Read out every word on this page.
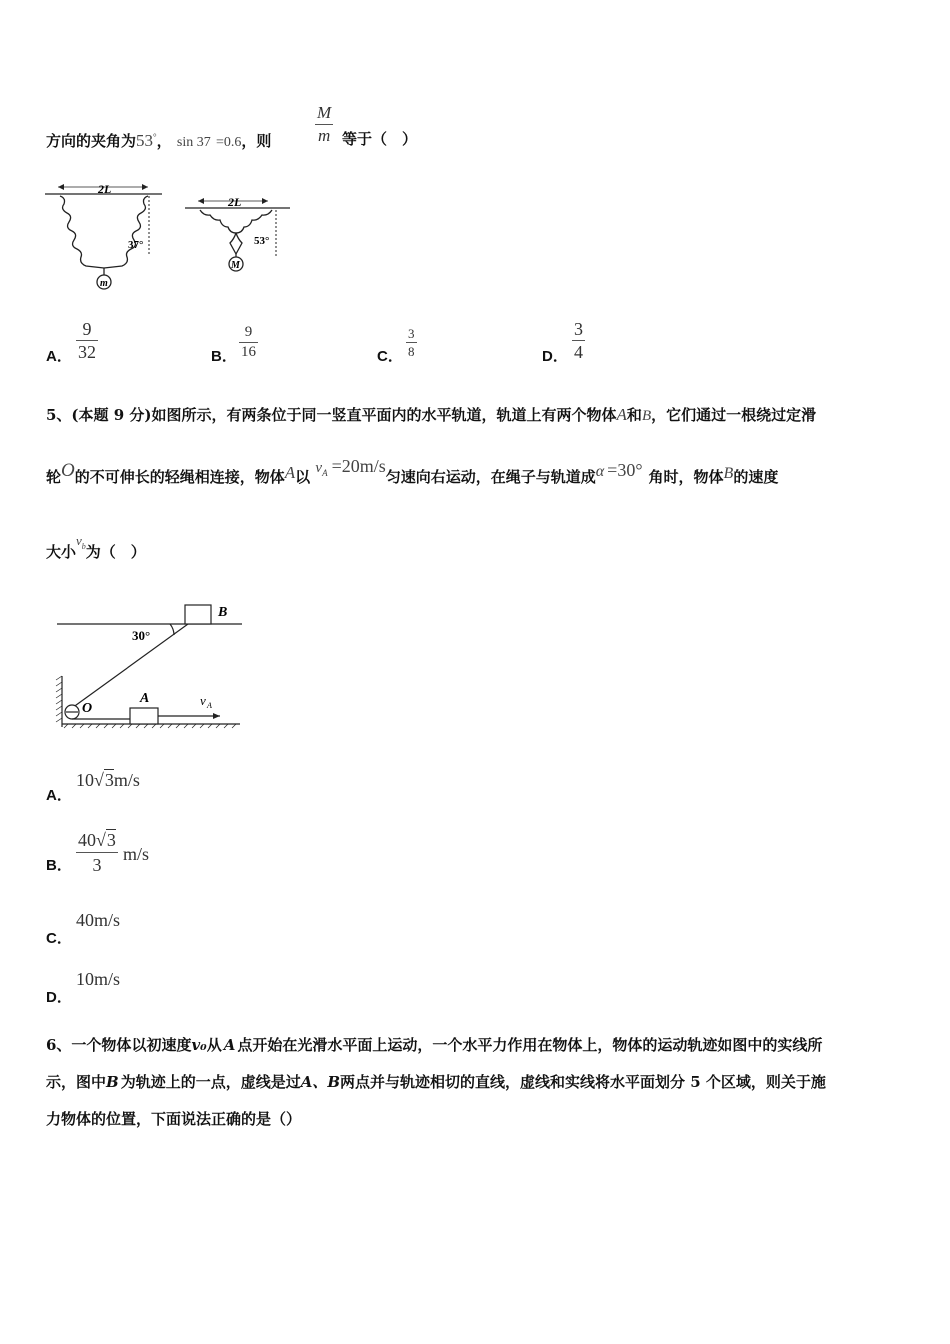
方向的夹角为53°， sin 37 =0.6，则	$\frac{M}{m}$ 等于（　）
2L
37°
m
2L
53°
M
A． $\frac{9}{32}$	B． $\frac{9}{16}$	C． $\frac{3}{8}$	D． $\frac{3}{4}$
5、(本题 9 分)如图所示，有两条位于同一竖直平面内的水平轨道，轨道上有两个物体A和B，它们通过一根绕过定滑
轮O的不可伸长的轻绳相连接，物体A以 $v_A =20m/s$匀速向右运动，在绳子与轨道成α =30° 角时，物体B的速度
大小$v_b$为（　）
30°
B
A
O
v A
A．
10√3m/s
B． $\frac{40√3}{3} m/s$
C．
40m/s
D．
10m/s
6、一个物体以初速度v₀从 A 点开始在光滑水平面上运动，一个水平力作用在物体上，物体的运动轨迹如图中的实线所
示，图中B 为轨迹上的一点，虚线是过A、B两点并与轨迹相切的直线，虚线和实线将水平面划分 5 个区域，则关于施
力物体的位置，下面说法正确的是（）
